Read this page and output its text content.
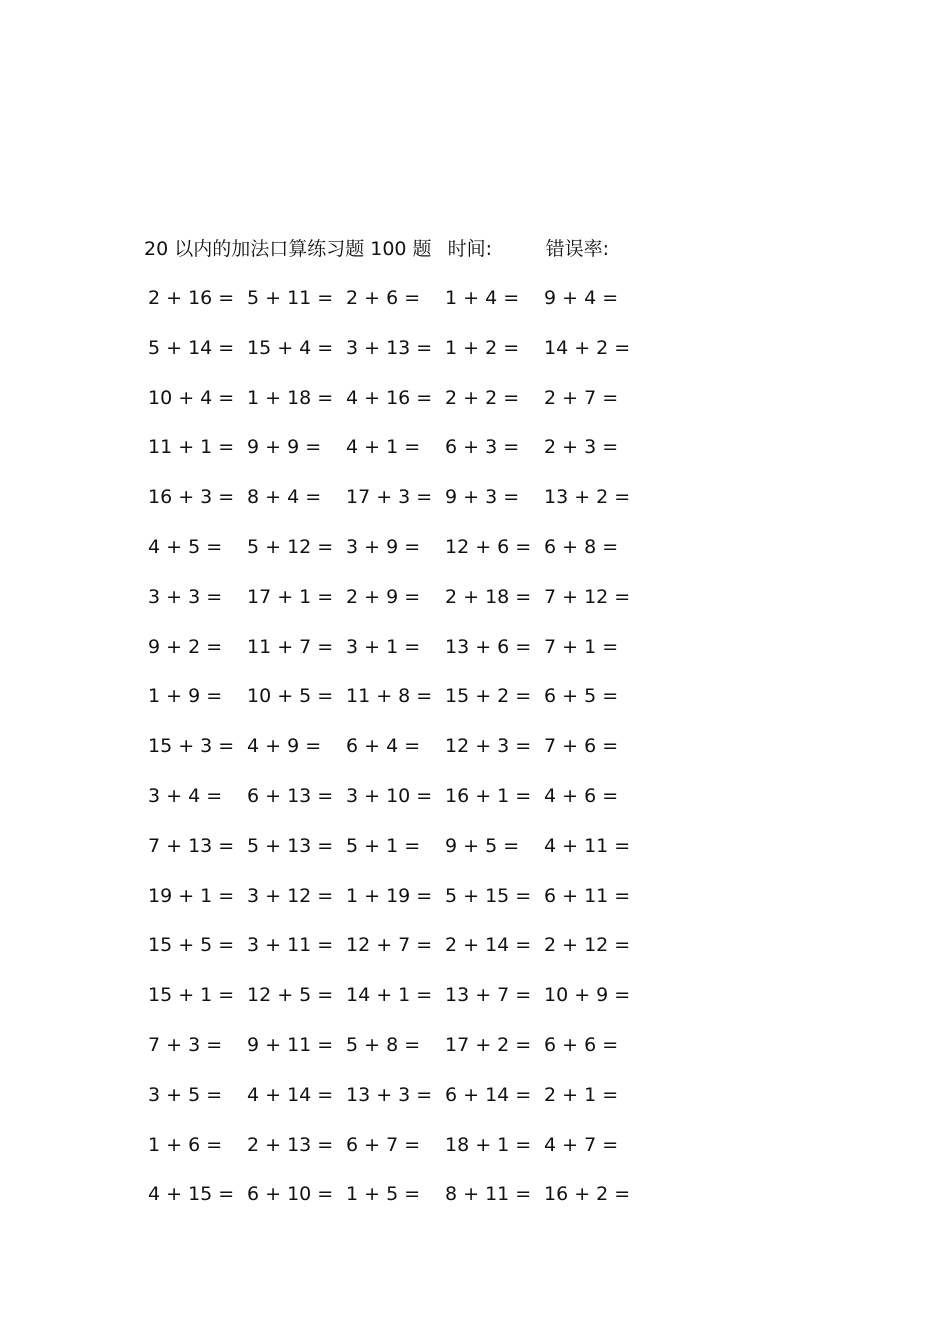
20 以内的加法口算练习题 100 题 时间:	错误率:
2 + 16 = 5 + 11 = 2 + 6 =	1 + 4 =	9 + 4 =
5 + 14 = 15 + 4 = 3 + 13 = 1 + 2 =	14 + 2 =
10 + 4 = 1 + 18 = 4 + 16 = 2 + 2 =	2 + 7 =
11 + 1 = 9 + 9 =	4 + 1 =	6 + 3 =	2 + 3 =
16 + 3 = 8 + 4 =	17 + 3 = 9 + 3 =	13 + 2 =
4 + 5 =	5 + 12 = 3 + 9 =	12 + 6 = 6 + 8 =
3 + 3 =	17 + 1 = 2 + 9 =	2 + 18 = 7 + 12 =
9 + 2 =	11 + 7 = 3 + 1 =	13 + 6 = 7 + 1 =
1 + 9 =	10 + 5 = 11 + 8 = 15 + 2 = 6 + 5 =
15 + 3 = 4 + 9 =	6 + 4 =	12 + 3 = 7 + 6 =
3 + 4 =	6 + 13 = 3 + 10 = 16 + 1 = 4 + 6 =
7 + 13 = 5 + 13 = 5 + 1 =	9 + 5 =	4 + 11 =
19 + 1 = 3 + 12 = 1 + 19 = 5 + 15 = 6 + 11 =
15 + 5 = 3 + 11 = 12 + 7 = 2 + 14 = 2 + 12 =
15 + 1 = 12 + 5 = 14 + 1 = 13 + 7 = 10 + 9 =
7 + 3 =	9 + 11 = 5 + 8 =	17 + 2 = 6 + 6 =
3 + 5 =	4 + 14 = 13 + 3 = 6 + 14 = 2 + 1 =
1 + 6 =	2 + 13 = 6 + 7 =	18 + 1 = 4 + 7 =
4 + 15 = 6 + 10 = 1 + 5 =	8 + 11 = 16 + 2 =
